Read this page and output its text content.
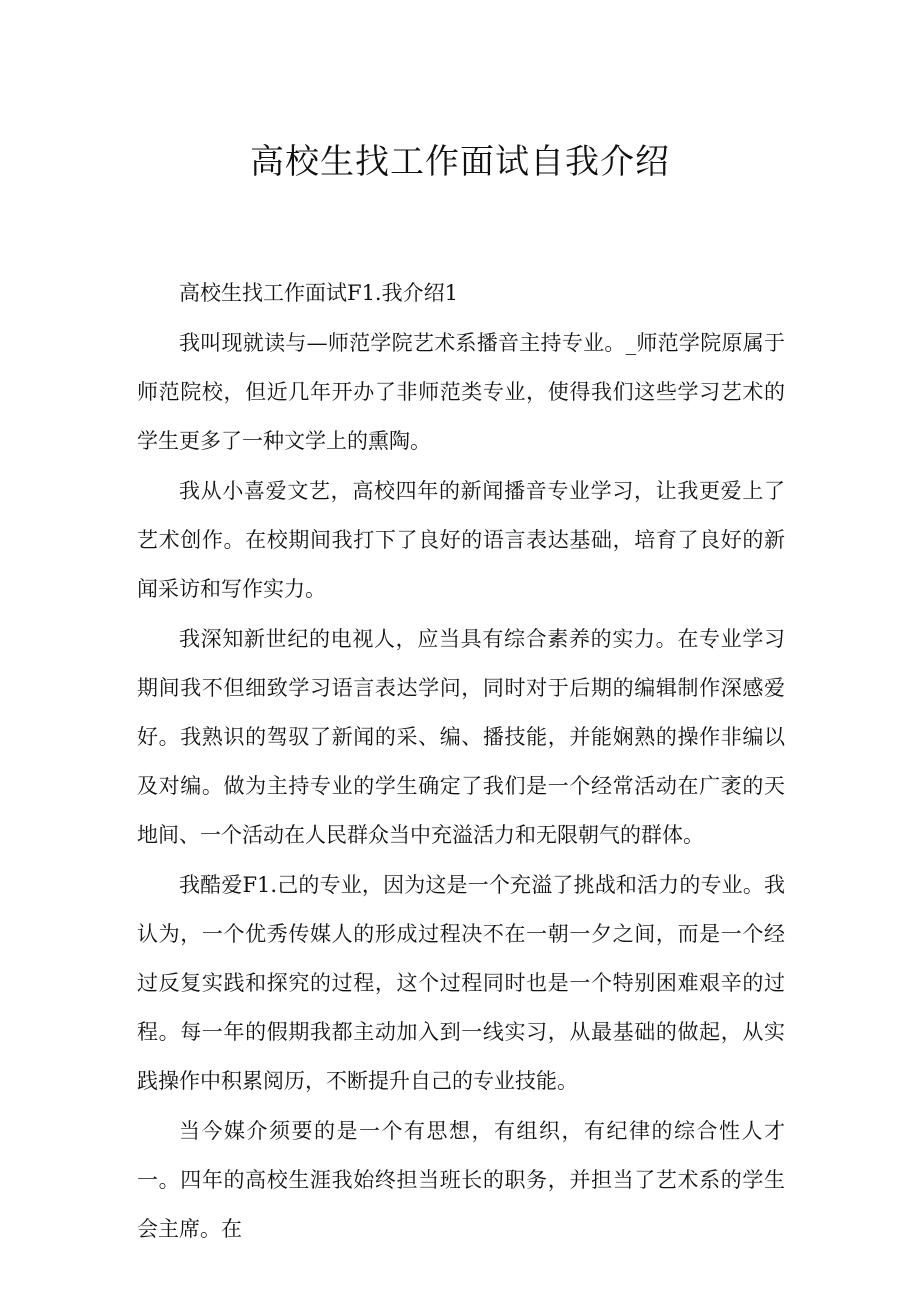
高校生找工作面试自我介绍

高校生找工作面试F1.我介绍1

我叫现就读与—师范学院艺术系播音主持专业。_师范学院原属于师范院校，但近几年开办了非师范类专业，使得我们这些学习艺术的学生更多了一种文学上的熏陶。

我从小喜爱文艺，高校四年的新闻播音专业学习，让我更爱上了艺术创作。在校期间我打下了良好的语言表达基础，培育了良好的新闻采访和写作实力。

我深知新世纪的电视人，应当具有综合素养的实力。在专业学习期间我不但细致学习语言表达学问，同时对于后期的编辑制作深感爱好。我熟识的驾驭了新闻的采、编、播技能，并能娴熟的操作非编以及对编。做为主持专业的学生确定了我们是一个经常活动在广袤的天地间、一个活动在人民群众当中充溢活力和无限朝气的群体。

我酷爱F1.己的专业，因为这是一个充溢了挑战和活力的专业。我认为，一个优秀传媒人的形成过程决不在一朝一夕之间，而是一个经过反复实践和探究的过程，这个过程同时也是一个特别困难艰辛的过程。每一年的假期我都主动加入到一线实习，从最基础的做起，从实践操作中积累阅历，不断提升自己的专业技能。

当今媒介须要的是一个有思想，有组织，有纪律的综合性人才一。四年的高校生涯我始终担当班长的职务，并担当了艺术系的学生会主席。在
